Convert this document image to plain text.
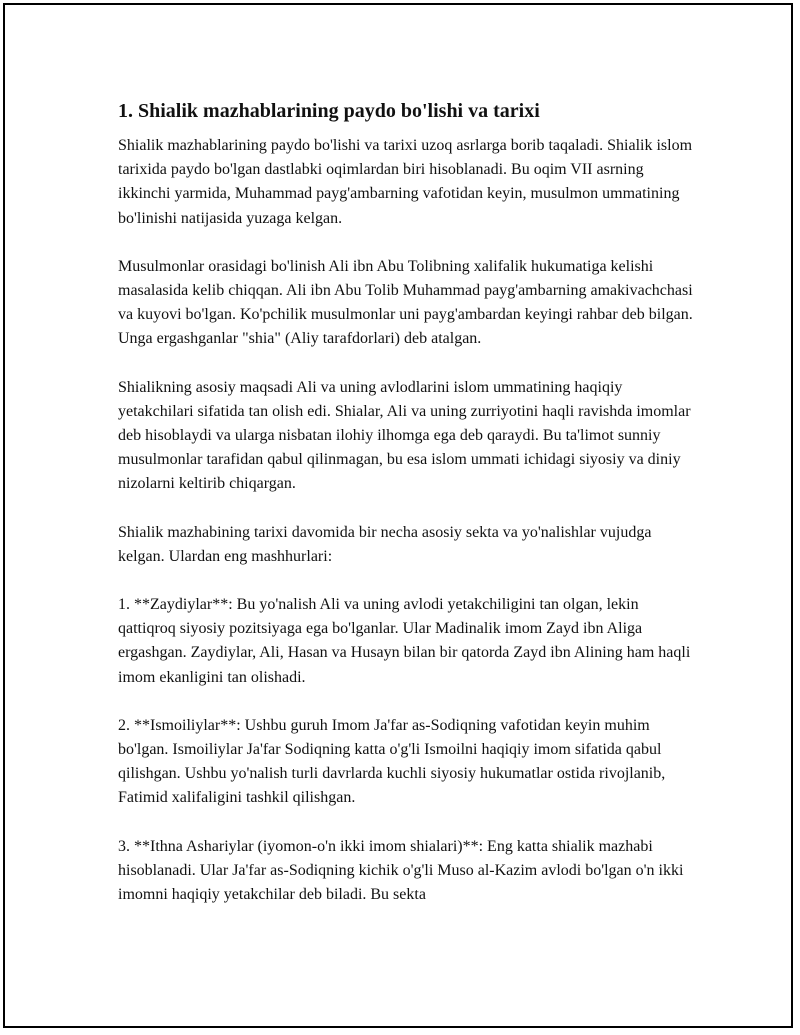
1. Shialik mazhablarining paydo bo'lishi va tarixi

Shialik mazhablarining paydo bo'lishi va tarixi uzoq asrlarga borib taqaladi. Shialik islom tarixida paydo bo'lgan dastlabki oqimlardan biri hisoblanadi. Bu oqim VII asrning ikkinchi yarmida, Muhammad payg'ambarning vafotidan keyin, musulmon ummatining bo'linishi natijasida yuzaga kelgan.

Musulmonlar orasidagi bo'linish Ali ibn Abu Tolibning xalifalik hukumatiga kelishi masalasida kelib chiqqan. Ali ibn Abu Tolib Muhammad payg'ambarning amakivachchasi va kuyovi bo'lgan. Ko'pchilik musulmonlar uni payg'ambardan keyingi rahbar deb bilgan. Unga ergashganlar "shia" (Aliy tarafdorlari) deb atalgan.

Shialikning asosiy maqsadi Ali va uning avlodlarini islom ummatining haqiqiy yetakchilari sifatida tan olish edi. Shialar, Ali va uning zurriyotini haqli ravishda imomlar deb hisoblaydi va ularga nisbatan ilohiy ilhomga ega deb qaraydi. Bu ta'limot sunniy musulmonlar tarafidan qabul qilinmagan, bu esa islom ummati ichidagi siyosiy va diniy nizolarni keltirib chiqargan.

Shialik mazhabining tarixi davomida bir necha asosiy sekta va yo'nalishlar vujudga kelgan. Ulardan eng mashhurlari:

1. **Zaydiylar**: Bu yo'nalish Ali va uning avlodi yetakchiligini tan olgan, lekin qattiqroq siyosiy pozitsiyaga ega bo'lganlar. Ular Madinalik imom Zayd ibn Aliga ergashgan. Zaydiylar, Ali, Hasan va Husayn bilan bir qatorda Zayd ibn Alining ham haqli imom ekanligini tan olishadi.

2. **Ismoiliylar**: Ushbu guruh Imom Ja'far as-Sodiqning vafotidan keyin muhim bo'lgan. Ismoiliylar Ja'far Sodiqning katta o'g'li Ismoilni haqiqiy imom sifatida qabul qilishgan. Ushbu yo'nalish turli davrlarda kuchli siyosiy hukumatlar ostida rivojlanib, Fatimid xalifaligini tashkil qilishgan.

3. **Ithna Ashariylar (iyomon-o'n ikki imom shialari)**: Eng katta shialik mazhabi hisoblanadi. Ular Ja'far as-Sodiqning kichik o'g'li Muso al-Kazim avlodi bo'lgan o'n ikki imomni haqiqiy yetakchilar deb biladi. Bu sekta
